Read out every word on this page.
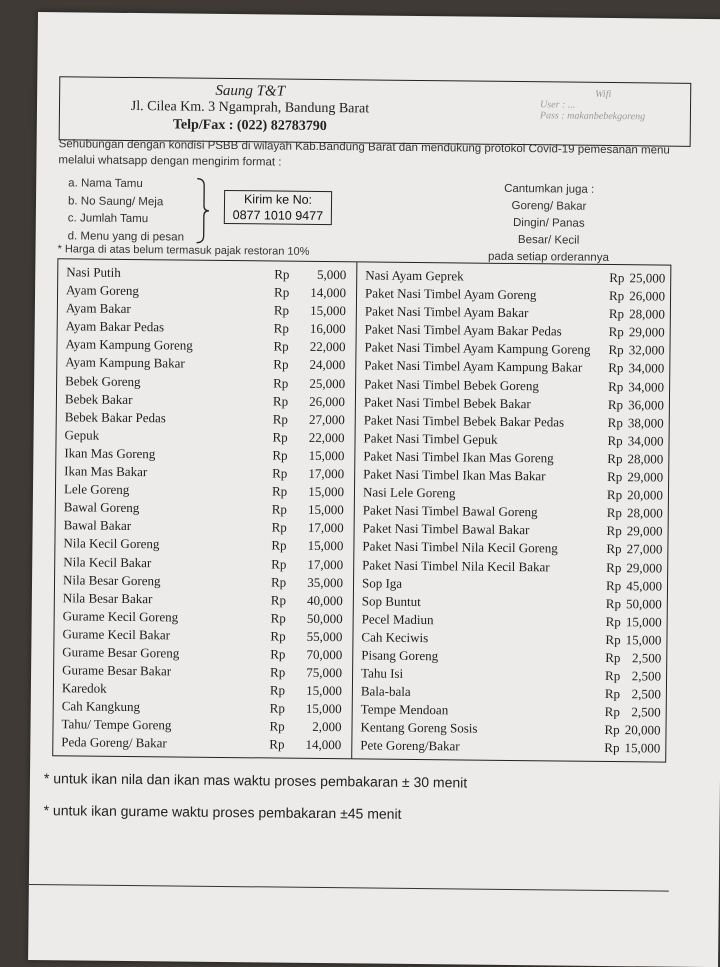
Saung T&T
Jl. Cilea Km. 3 Ngamprah, Bandung Barat
Telp/Fax : (022) 82783790
Wifi
User : ...
Pass : makanbebekgoreng
Sehubungan dengan kondisi PSBB di wilayah Kab.Bandung Barat dan mendukung protokol Covid-19 pemesanan menu melalui whatsapp dengan mengirim format :
a. Nama Tamu
b. No Saung/ Meja
c. Jumlah Tamu
d. Menu yang di pesan
Kirim ke No:
0877 1010 9477
Cantumkan juga :
Goreng/ Bakar
Dingin/ Panas
Besar/ Kecil
pada setiap orderannya
* Harga di atas belum termasuk pajak restoran 10%
Nasi Putih	Rp	5,000
Ayam Goreng	Rp	14,000
Ayam Bakar	Rp	15,000
Ayam Bakar Pedas	Rp	16,000
Ayam Kampung Goreng	Rp	22,000
Ayam Kampung Bakar	Rp	24,000
Bebek Goreng	Rp	25,000
Bebek Bakar	Rp	26,000
Bebek Bakar Pedas	Rp	27,000
Gepuk	Rp	22,000
Ikan Mas Goreng	Rp	15,000
Ikan Mas Bakar	Rp	17,000
Lele Goreng	Rp	15,000
Bawal Goreng	Rp	15,000
Bawal Bakar	Rp	17,000
Nila Kecil Goreng	Rp	15,000
Nila Kecil Bakar	Rp	17,000
Nila Besar Goreng	Rp	35,000
Nila Besar Bakar	Rp	40,000
Gurame Kecil Goreng	Rp	50,000
Gurame Kecil Bakar	Rp	55,000
Gurame Besar Goreng	Rp	70,000
Gurame Besar Bakar	Rp	75,000
Karedok	Rp	15,000
Cah Kangkung	Rp	15,000
Tahu/ Tempe Goreng	Rp	2,000
Peda Goreng/ Bakar	Rp	14,000
Nasi Ayam Geprek	Rp 25,000
Paket Nasi Timbel Ayam Goreng	Rp 26,000
Paket Nasi Timbel Ayam Bakar	Rp 28,000
Paket Nasi Timbel Ayam Bakar Pedas	Rp 29,000
Paket Nasi Timbel Ayam Kampung Goreng Rp 32,000
Paket Nasi Timbel Ayam Kampung Bakar Rp 34,000
Paket Nasi Timbel Bebek Goreng	Rp 34,000
Paket Nasi Timbel Bebek Bakar	Rp 36,000
Paket Nasi Timbel Bebek Bakar Pedas	Rp 38,000
Paket Nasi Timbel Gepuk	Rp 34,000
Paket Nasi Timbel Ikan Mas Goreng	Rp 28,000
Paket Nasi Timbel Ikan Mas Bakar	Rp 29,000
Nasi Lele Goreng	Rp 20,000
Paket Nasi Timbel Bawal Goreng	Rp 28,000
Paket Nasi Timbel Bawal Bakar	Rp 29,000
Paket Nasi Timbel Nila Kecil Goreng	Rp 27,000
Paket Nasi Timbel Nila Kecil Bakar	Rp 29,000
Sop Iga	Rp 45,000
Sop Buntut	Rp 50,000
Pecel Madiun	Rp 15,000
Cah Keciwis	Rp 15,000
Pisang Goreng	Rp 2,500
Tahu Isi	Rp 2,500
Bala-bala	Rp 2,500
Tempe Mendoan	Rp 2,500
Kentang Goreng Sosis	Rp 20,000
Pete Goreng/Bakar	Rp 15,000
* untuk ikan nila dan ikan mas waktu proses pembakaran ± 30 menit
* untuk ikan gurame waktu proses pembakaran ±45 menit
